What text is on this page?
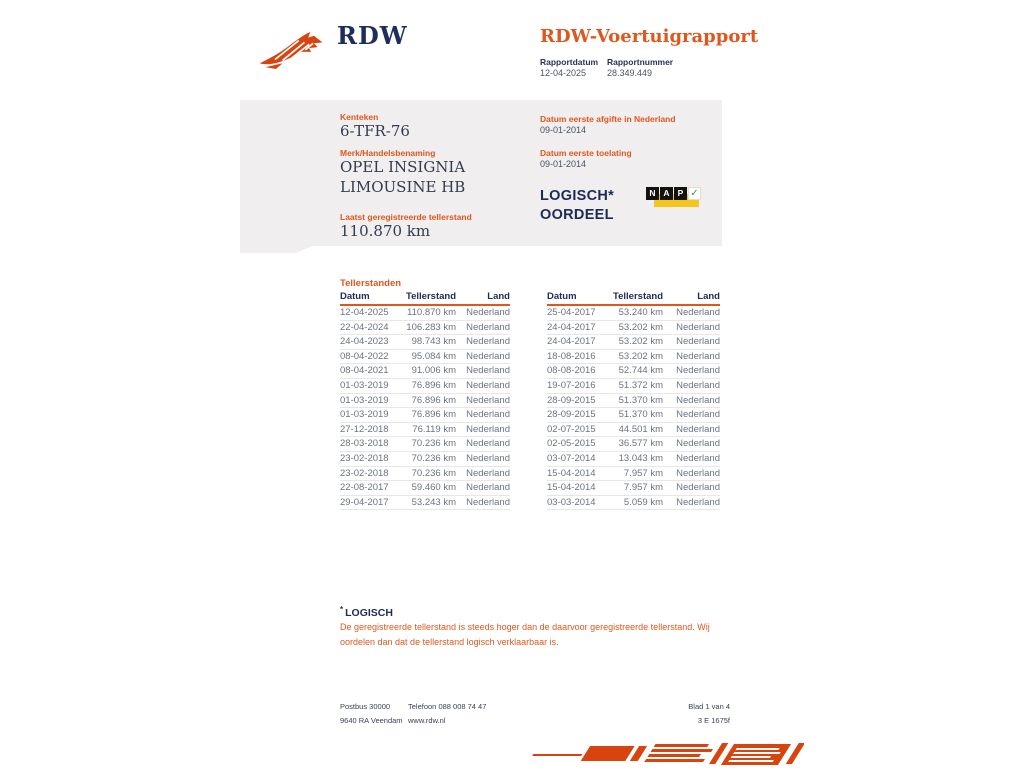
RDW	RDW-Voertuigrapport
Rapportdatum Rapportnummer
12-04-2025 28.349.449
Kenteken
6-TFR-76
Merk/Handelsbenaming
OPEL INSIGNIA
LIMOUSINE HB
Laatst geregistreerde tellerstand
110.870 km
Datum eerste afgifte in Nederland
09-01-2014
Datum eerste toelating
09-01-2014
LOGISCH*
OORDEEL
N A P ✓
Tellerstanden
Datum	Tellerstand	Land
12-04-2025	110.870 km	Nederland
22-04-2024	106.283 km	Nederland
24-04-2023	98.743 km	Nederland
08-04-2022	95.084 km	Nederland
08-04-2021	91.006 km	Nederland
01-03-2019	76.896 km	Nederland
01-03-2019	76.896 km	Nederland
01-03-2019	76.896 km	Nederland
27-12-2018	76.119 km	Nederland
28-03-2018	70.236 km	Nederland
23-02-2018	70.236 km	Nederland
23-02-2018	70.236 km	Nederland
22-08-2017	59.460 km	Nederland
29-04-2017	53.243 km	Nederland
Datum	Tellerstand	Land
25-04-2017	53.240 km	Nederland
24-04-2017	53.202 km	Nederland
24-04-2017	53.202 km	Nederland
18-08-2016	53.202 km	Nederland
08-08-2016	52.744 km	Nederland
19-07-2016	51.372 km	Nederland
28-09-2015	51.370 km	Nederland
28-09-2015	51.370 km	Nederland
02-07-2015	44.501 km	Nederland
02-05-2015	36.577 km	Nederland
03-07-2014	13.043 km	Nederland
15-04-2014	7.957 km	Nederland
15-04-2014	7.957 km	Nederland
03-03-2014	5.059 km	Nederland
* LOGISCH
De geregistreerde tellerstand is steeds hoger dan de daarvoor geregistreerde tellerstand. Wij oordelen dan dat de tellerstand logisch verklaarbaar is.
Postbus 30000
9640 RA Veendam
Telefoon 088 008 74 47
www.rdw.nl
Blad 1 van 4
3 E 1675f
